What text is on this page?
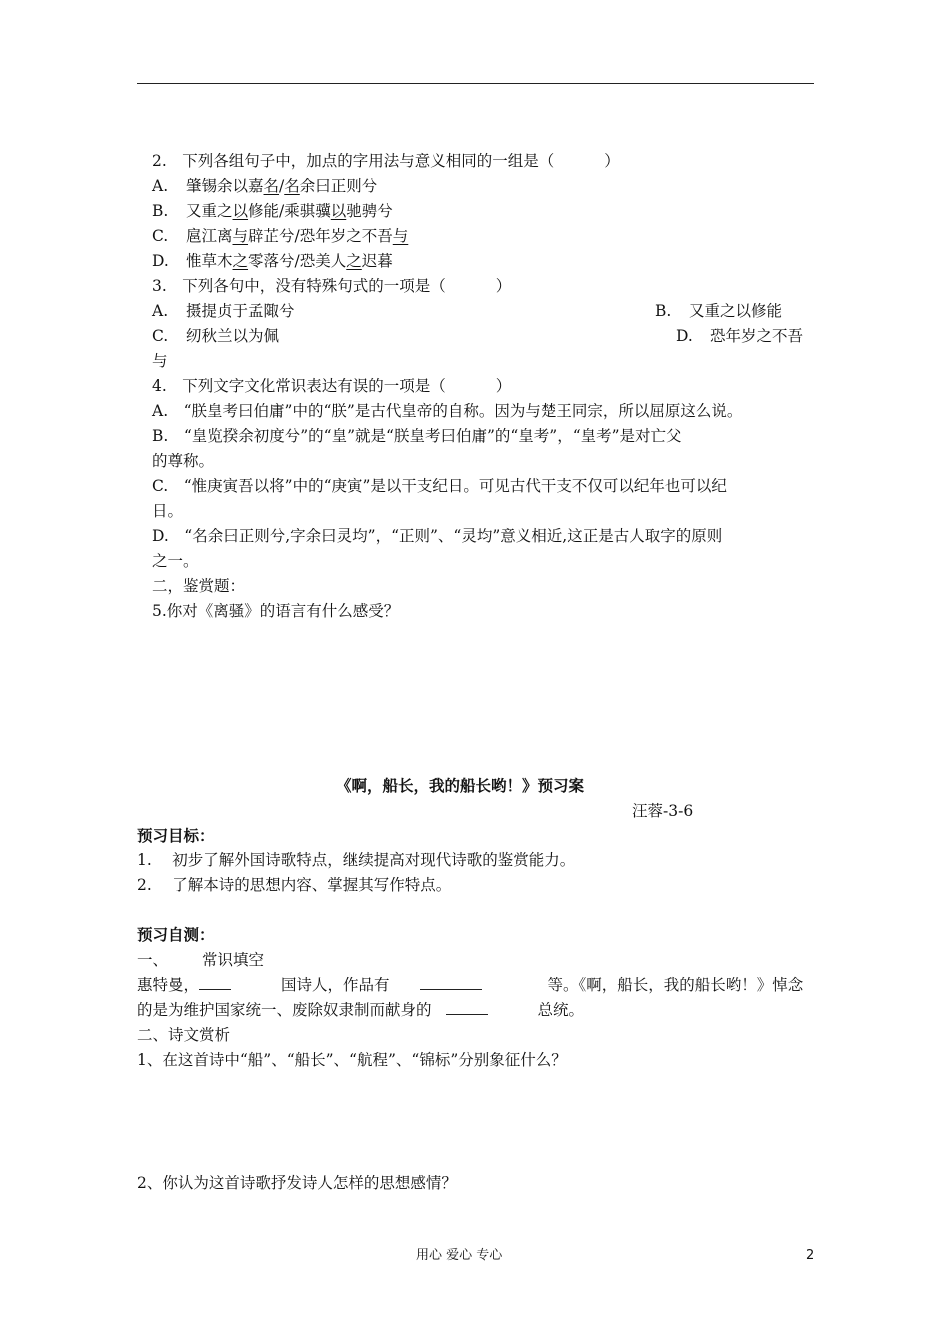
2.　下列各组句子中，加点的字用法与意义相同的一组是（	）
A. 肇锡余以嘉名/名余曰正则兮
B. 又重之以修能/乘骐骥以驰骋兮
C. 扈江离与辟芷兮/恐年岁之不吾与
D. 惟草木之零落兮/恐美人之迟暮
3.　下列各句中，没有特殊句式的一项是（	）
A. 摄提贞于孟陬兮	B. 又重之以修能
C. 纫秋兰以为佩	D. 恐年岁之不吾
与
4.　下列文字文化常识表达有误的一项是（	）
A.　“朕皇考曰伯庸”中的“朕”是古代皇帝的自称。因为与楚王同宗，所以屈原这么说。
B.　“皇览揆余初度兮”的“皇”就是“朕皇考曰伯庸”的“皇考”，“皇考”是对亡父
的尊称。
C.　“惟庚寅吾以将”中的“庚寅”是以干支纪日。可见古代干支不仅可以纪年也可以纪
日。
D.　“名余曰正则兮,字余曰灵均”，“正则”、“灵均”意义相近,这正是古人取字的原则
之一。
二，鉴赏题：
5.你对《离骚》的语言有什么感受？
《啊，船长，我的船长哟！》预习案
汪蓉-3-6
预习目标：
1.　 初步了解外国诗歌特点，继续提高对现代诗歌的鉴赏能力。
2.　 了解本诗的思想内容、掌握其写作特点。
预习自测：
一、 常识填空
惠特曼，	国诗人，作品有	等。《啊，船长，我的船长哟！》悼念
的是为维护国家统一、废除奴隶制而献身的	总统。
二、诗文赏析
1、在这首诗中“船”、“船长”、“航程”、“锦标”分别象征什么？
2、你认为这首诗歌抒发诗人怎样的思想感情？
用心 爱心 专心	2
